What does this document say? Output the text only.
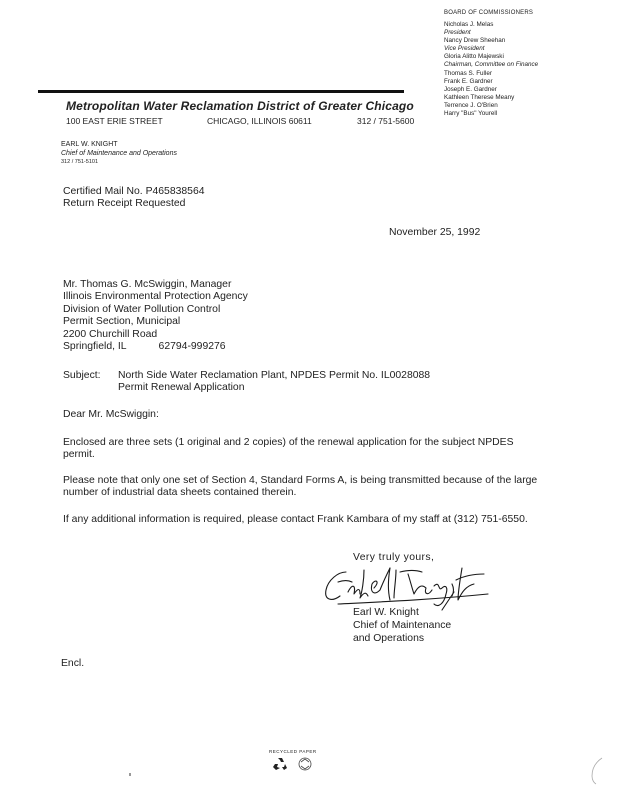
BOARD OF COMMISSIONERS
Nicholas J. Melas
President
Nancy Drew Sheehan
Vice President
Gloria Alitto Majewski
Chairman, Committee on Finance
Thomas S. Fuller
Frank E. Gardner
Joseph E. Gardner
Kathleen Therese Meany
Terrence J. O'Brien
Harry "Bus" Yourell
Metropolitan Water Reclamation District of Greater Chicago
100 EAST ERIE STREET	CHICAGO, ILLINOIS 60611	312 / 751-5600
EARL W. KNIGHT
Chief of Maintenance and Operations
312 / 751-5101
Certified Mail No. P465838564
Return Receipt Requested
November 25, 1992
Mr. Thomas G. McSwiggin, Manager
Illinois Environmental Protection Agency
Division of Water Pollution Control
Permit Section, Municipal
2200 Churchill Road
Springfield, IL	62794-999276
Subject: North Side Water Reclamation Plant, NPDES Permit No. IL0028088
Permit Renewal Application
Dear Mr. McSwiggin:
Enclosed are three sets (1 original and 2 copies) of the renewal application for the subject NPDES permit.
Please note that only one set of Section 4, Standard Forms A, is being transmitted because of the large number of industrial data sheets contained therein.
If any additional information is required, please contact Frank Kambara of my staff at (312) 751-6550.
Very truly yours,
Earl W. Knight
Chief of Maintenance
and Operations
Encl.
RECYCLED PAPER
